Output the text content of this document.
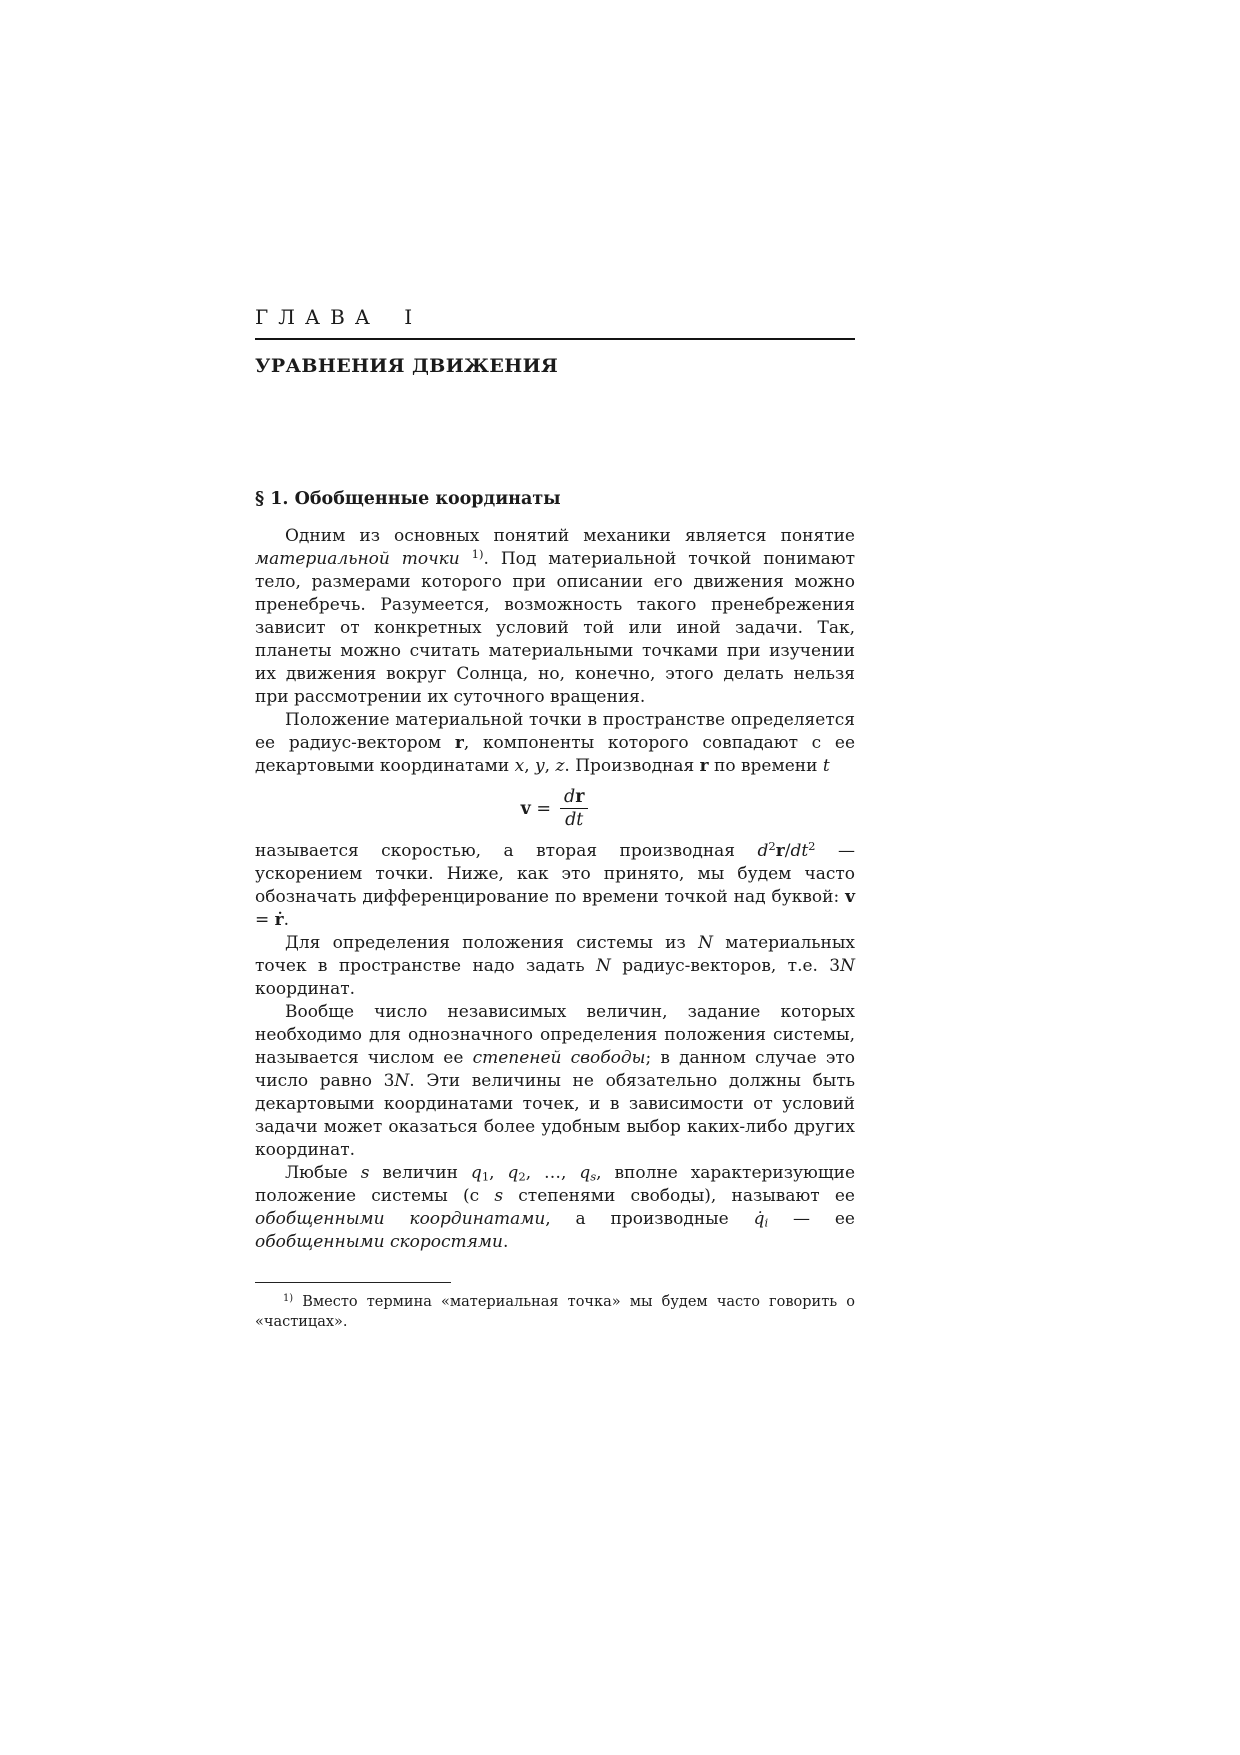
ГЛАВА I
УРАВНЕНИЯ ДВИЖЕНИЯ
§ 1. Обобщенные координаты

Одним из основных понятий механики является понятие материальной точки $^{1)}$. Под материальной точкой понимают тело, размерами которого при описании его движения можно пренебречь. Разумеется, возможность такого пренебрежения зависит от конкретных условий той или иной задачи. Так, планеты можно считать материальными точками при изучении их движения вокруг Солнца, но, конечно, этого делать нельзя при рассмотрении их суточного вращения.

Положение материальной точки в пространстве определяется ее радиус-вектором r, компоненты которого совпадают с ее декартовыми координатами x, y, z. Производная r по времени t

$v = \frac{dr}{dt}$

называется скоростью, а вторая производная $d^2r/dt^2$ — ускорением точки. Ниже, как это принято, мы будем часто обозначать дифференцирование по времени точкой над буквой: v = ṙ.

Для определения положения системы из N материальных точек в пространстве надо задать N радиус-векторов, т.е. 3N координат.

Вообще число независимых величин, задание которых необходимо для однозначного определения положения системы, называется числом ее степеней свободы; в данном случае это число равно 3N. Эти величины не обязательно должны быть декартовыми координатами точек, и в зависимости от условий задачи может оказаться более удобным выбор каких-либо других координат.

Любые s величин q1, q2, …, qs, вполне характеризующие положение системы (с s степенями свободы), называют ее обобщенными координатами, а производные q̇i — ее обобщенными скоростями.

$^{1)}$ Вместо термина «материальная точка» мы будем часто говорить о «частицах».
